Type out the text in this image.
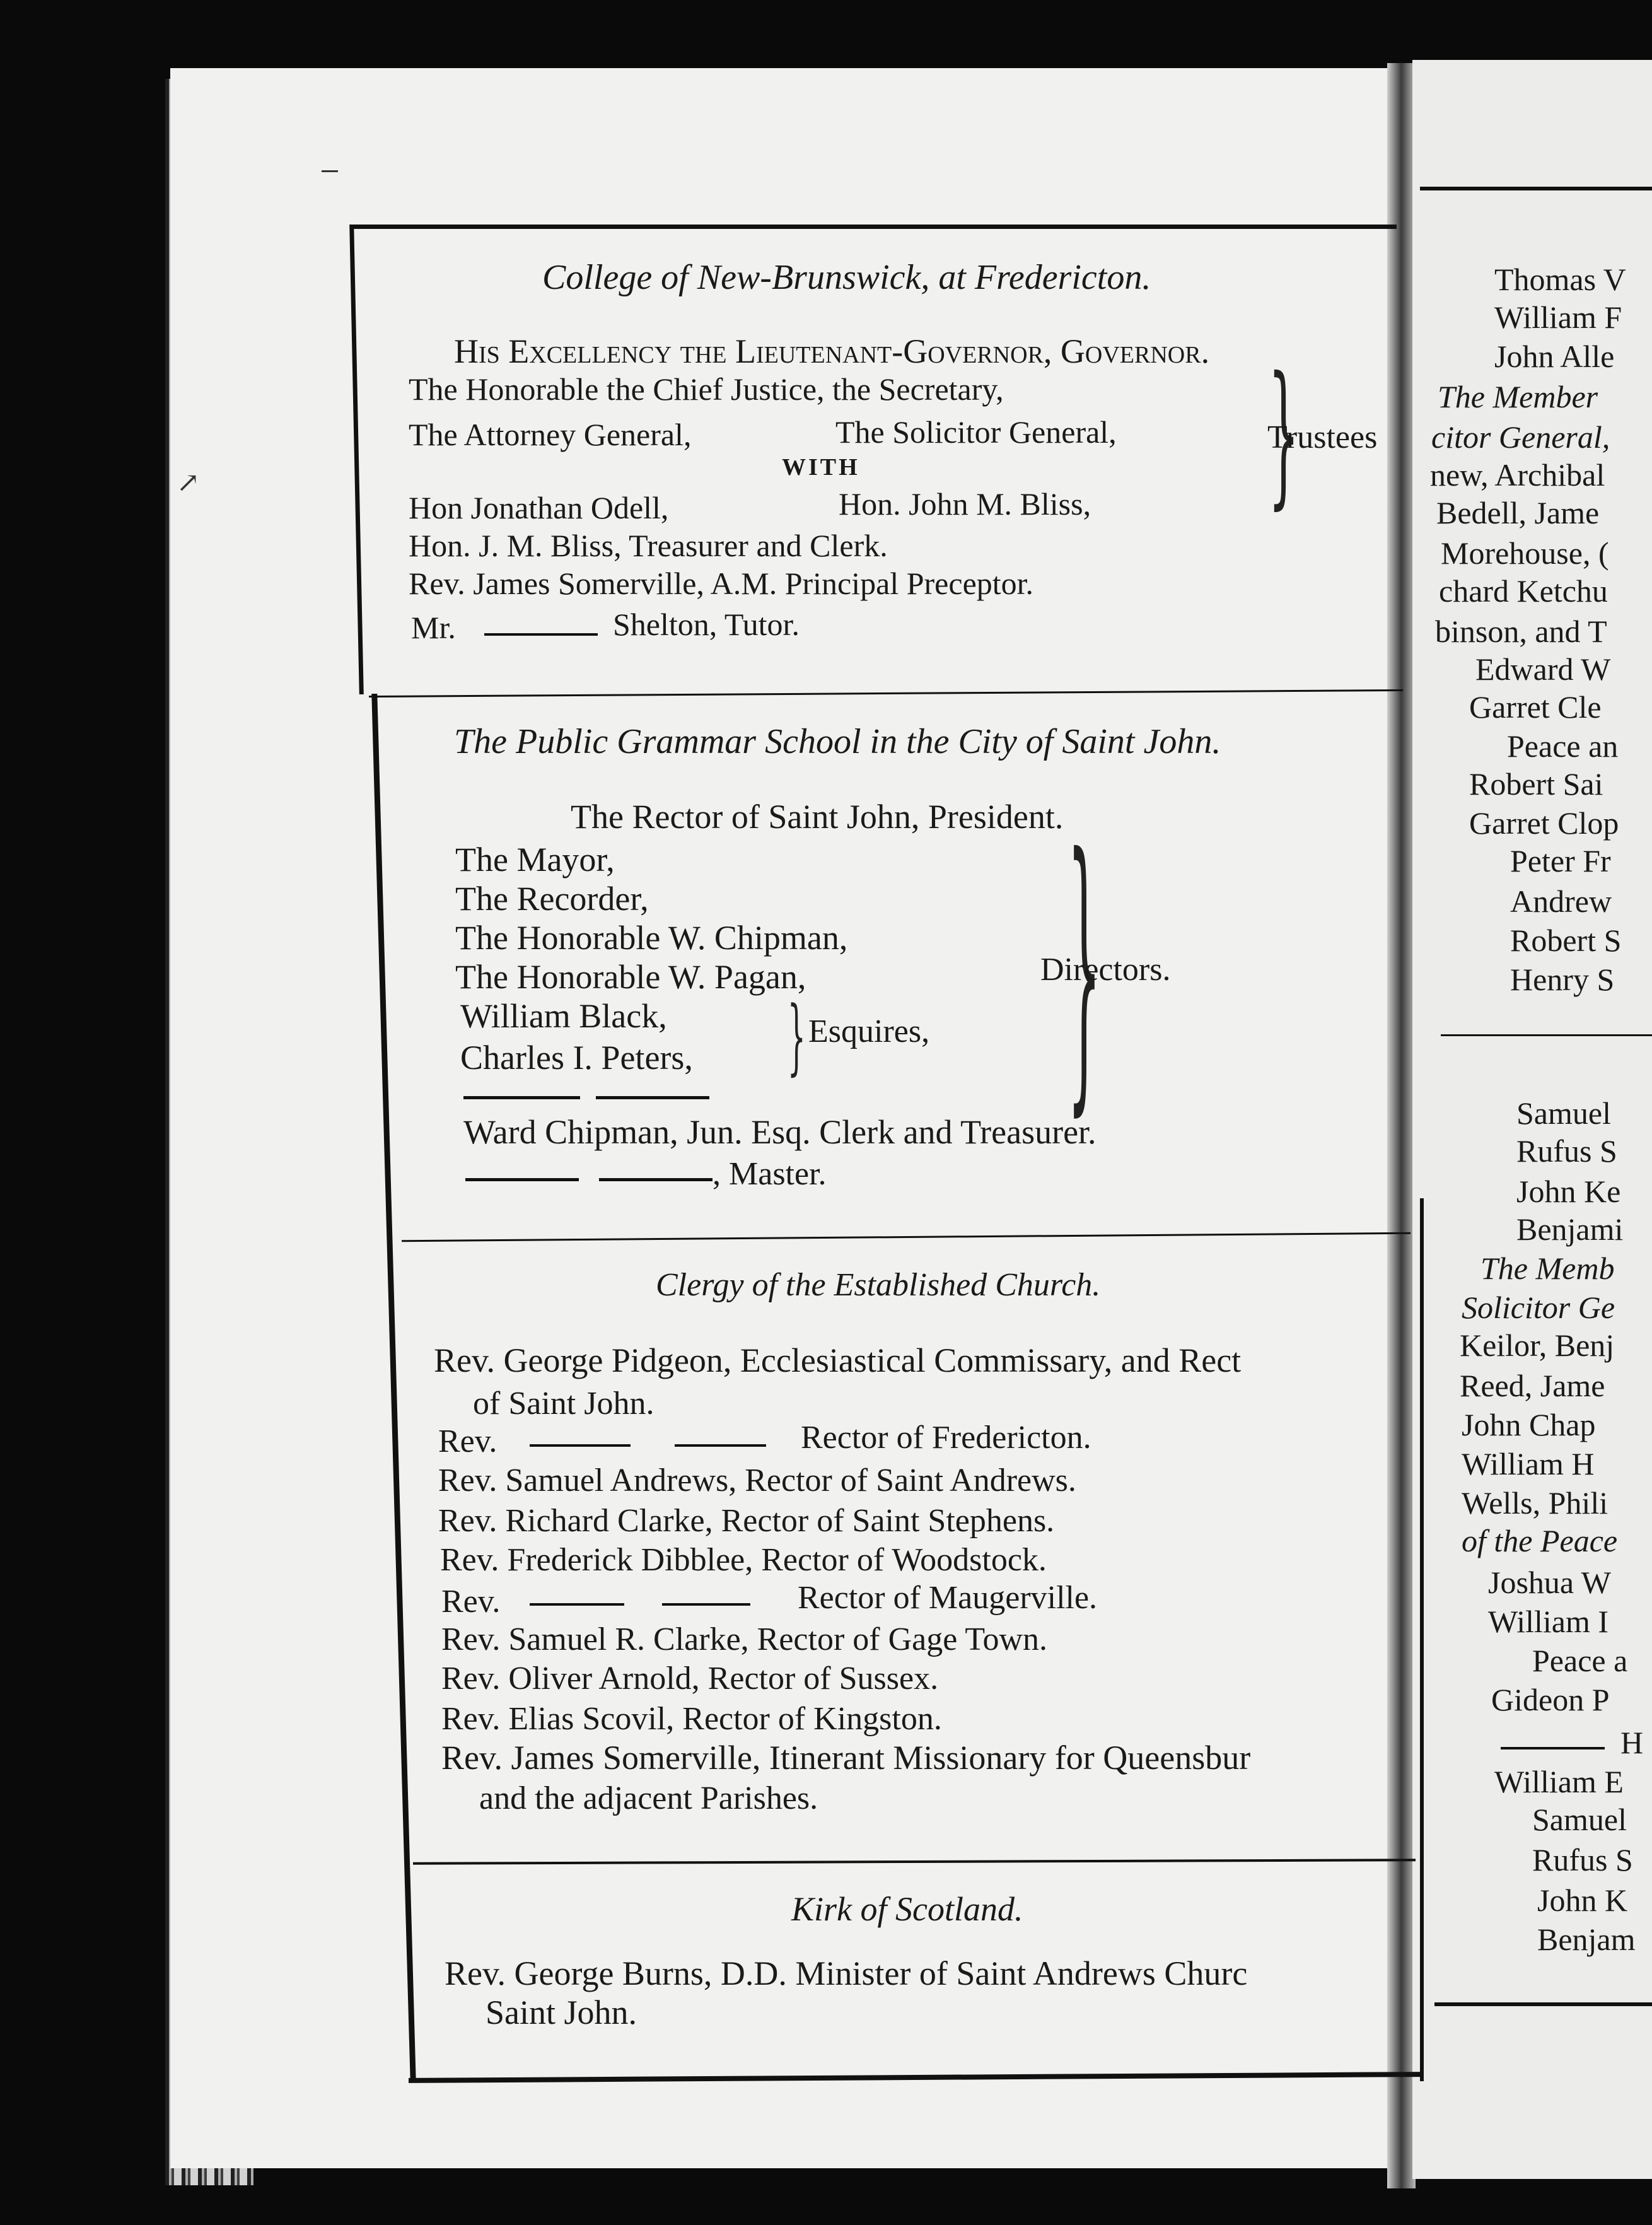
↗
College of New-Brunswick, at Fredericton.
His Excellency the Lieutenant-Governor, Governor.
The Honorable the Chief Justice, the Secretary,
The Attorney General,	The Solicitor General,
WITH
Hon Jonathan Odell,	Hon. John M. Bliss, }
Trustees
Hon. J. M. Bliss, Treasurer and Clerk.
Rev. James Somerville, A.M. Principal Preceptor.
Mr.	Shelton, Tutor.
The Public Grammar School in the City of Saint John.
The Rector of Saint John, President.
The Mayor,
The Recorder,
The Honorable W. Chipman,
The Honorable W. Pagan,
William Black,
Charles I. Peters, } Esquires, }
Directors.
Ward Chipman, Jun. Esq. Clerk and Treasurer.
, Master.
Clergy of the Established Church.
Rev. George Pidgeon, Ecclesiastical Commissary, and Rect
of Saint John.
Rev.	Rector of Fredericton.
Rev. Samuel Andrews, Rector of Saint Andrews.
Rev. Richard Clarke, Rector of Saint Stephens.
Rev. Frederick Dibblee, Rector of Woodstock.
Rev.	Rector of Maugerville.
Rev. Samuel R. Clarke, Rector of Gage Town.
Rev. Oliver Arnold, Rector of Sussex.
Rev. Elias Scovil, Rector of Kingston.
Rev. James Somerville, Itinerant Missionary for Queensbur
and the adjacent Parishes.
Kirk of Scotland.
Rev. George Burns, D.D. Minister of Saint Andrews Churc
Saint John.
Thomas V
William F
John Alle
The Member
citor General,
new, Archibal
Bedell, Jame
Morehouse, (
chard Ketchu
binson, and T
Edward W
Garret Cle
Peace an
Robert Sai
Garret Clop
Peter Fr
Andrew
Robert S
Henry S
Samuel
Rufus S
John Ke
Benjami
The Memb
Solicitor Ge
Keilor, Benj
Reed, Jame
John Chap
William H
Wells, Phili
of the Peace
Joshua W
William I
Peace a
Gideon P
H
William E
Samuel
Rufus S
John K
Benjam
